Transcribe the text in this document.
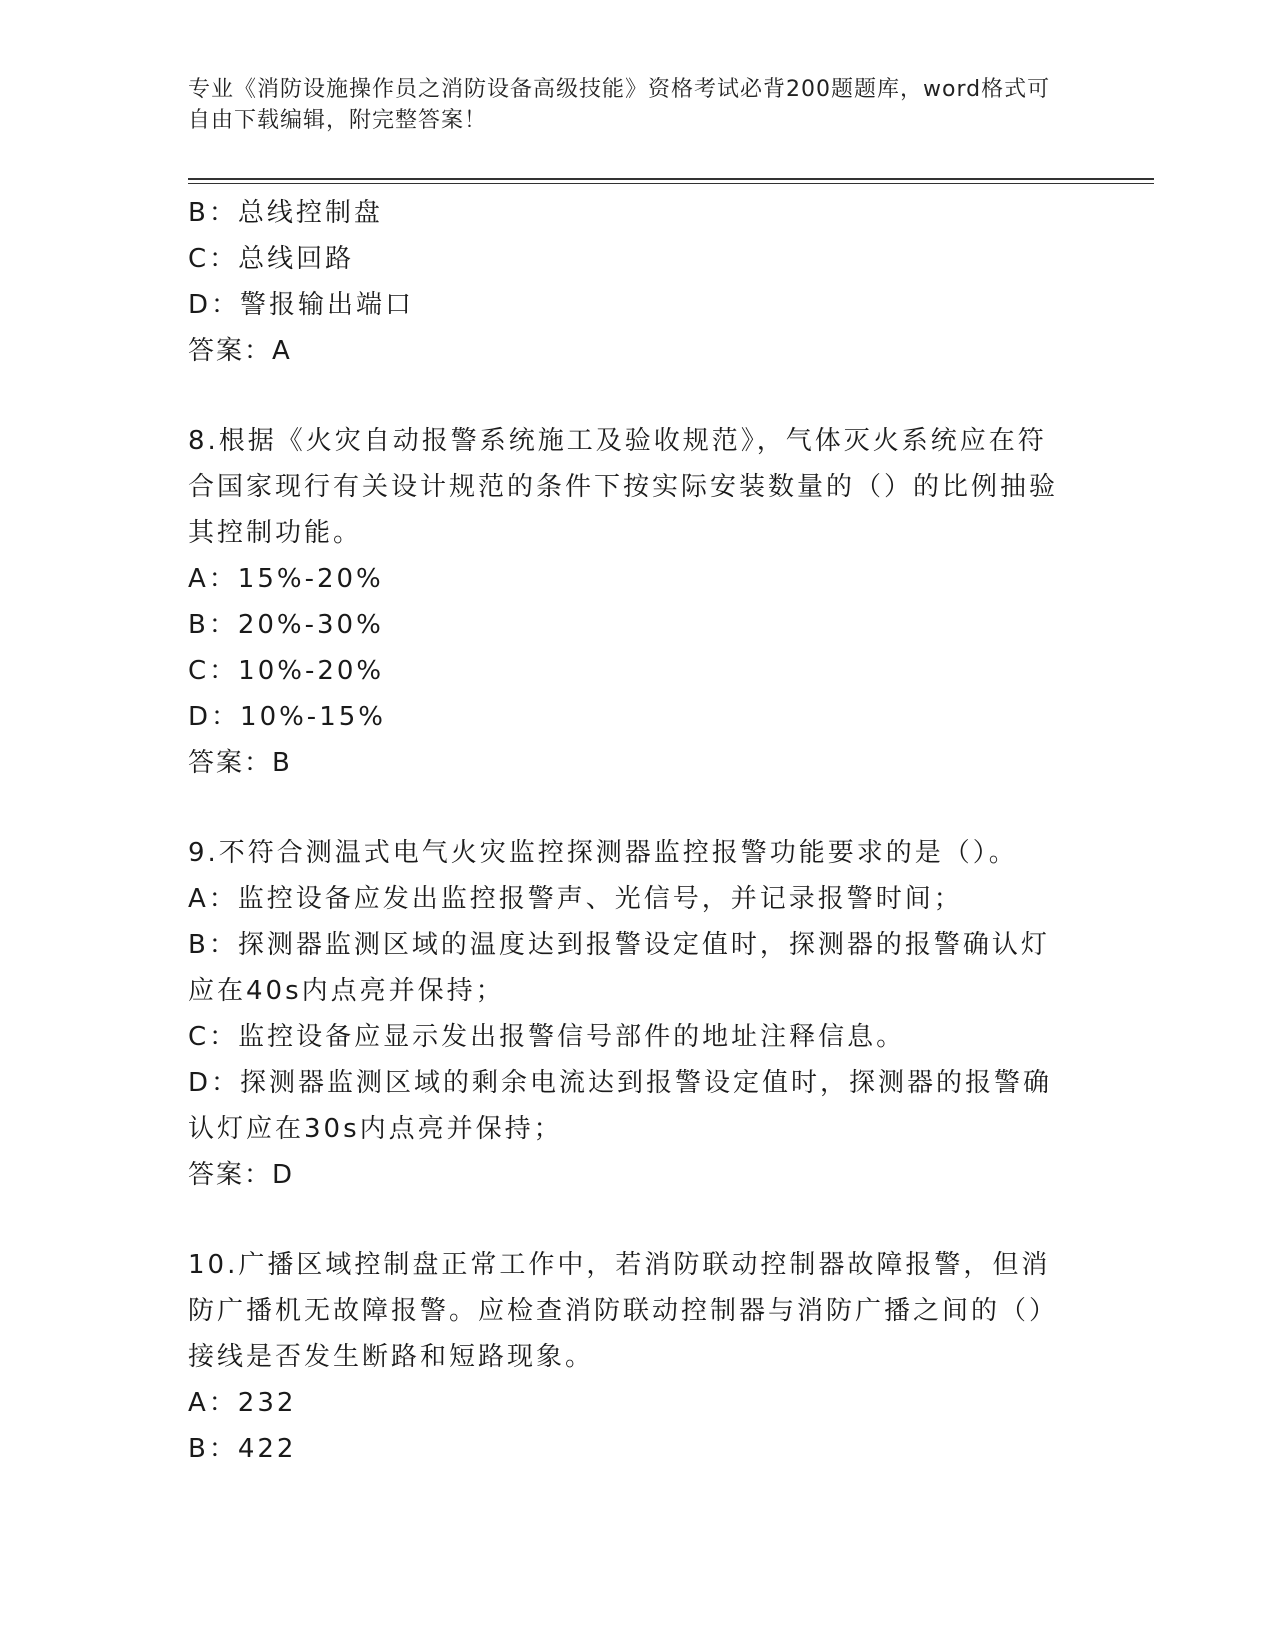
专业《消防设施操作员之消防设备高级技能》资格考试必背200题题库，word格式可自由下载编辑，附完整答案！
B：总线控制盘
C：总线回路
D：警报输出端口
答案：A
8.根据《火灾自动报警系统施工及验收规范》，气体灭火系统应在符合国家现行有关设计规范的条件下按实际安装数量的（）的比例抽验其控制功能。
A：15%-20%
B：20%-30%
C：10%-20%
D：10%-15%
答案：B
9.不符合测温式电气火灾监控探测器监控报警功能要求的是（）。
A：监控设备应发出监控报警声、光信号，并记录报警时间；
B：探测器监测区域的温度达到报警设定值时，探测器的报警确认灯应在40s内点亮并保持；
C：监控设备应显示发出报警信号部件的地址注释信息。
D：探测器监测区域的剩余电流达到报警设定值时，探测器的报警确认灯应在30s内点亮并保持；
答案：D
10.广播区域控制盘正常工作中，若消防联动控制器故障报警，但消防广播机无故障报警。应检查消防联动控制器与消防广播之间的（）接线是否发生断路和短路现象。
A：232
B：422
